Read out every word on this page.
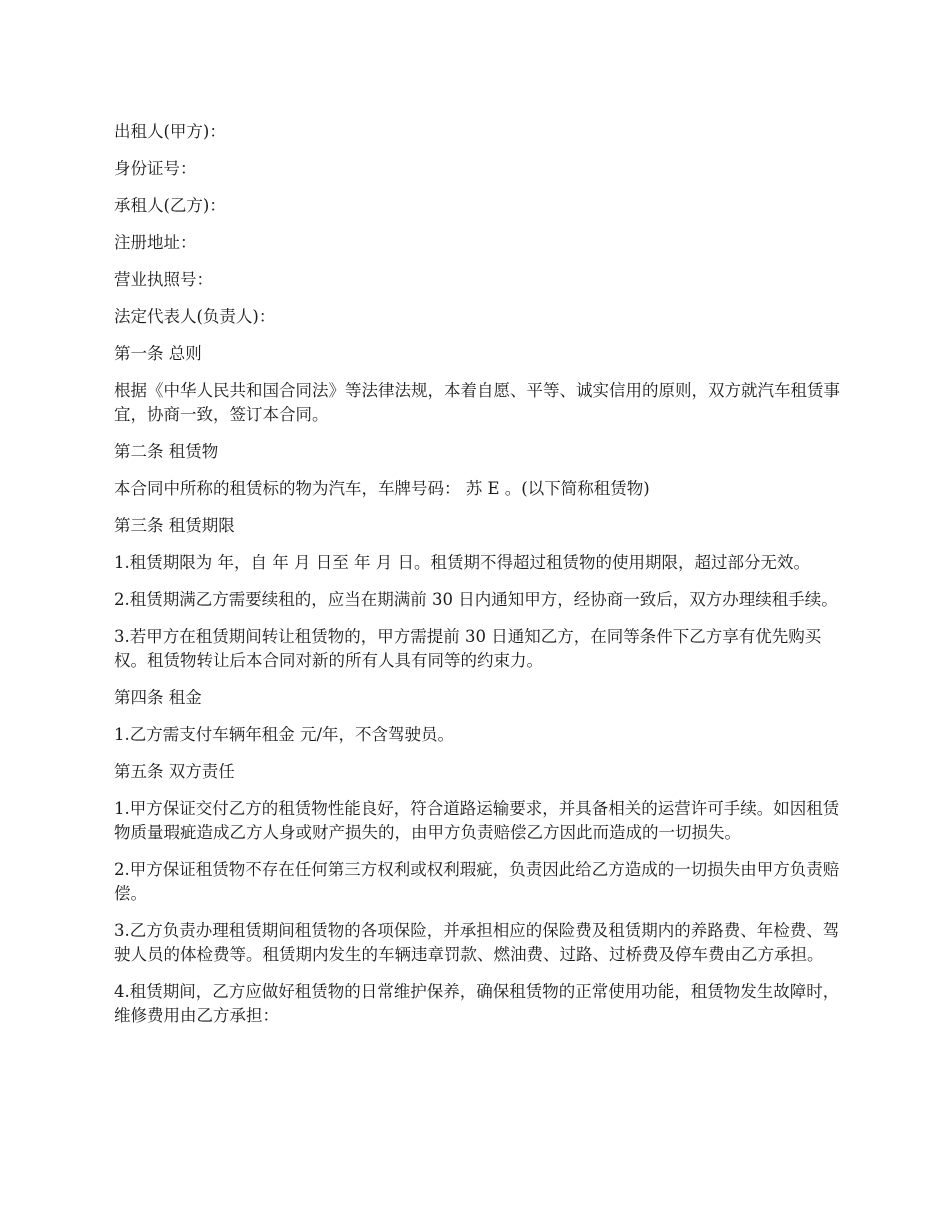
出租人(甲方)：

身份证号：

承租人(乙方)：

注册地址：

营业执照号：

法定代表人(负责人)：

第一条 总则

根据《中华人民共和国合同法》等法律法规，本着自愿、平等、诚实信用的原则，双方就汽车租赁事宜，协商一致，签订本合同。

第二条 租赁物

本合同中所称的租赁标的物为汽车，车牌号码： 苏 E 。(以下简称租赁物)

第三条 租赁期限

1.租赁期限为 年，自 年 月 日至 年 月 日。租赁期不得超过租赁物的使用期限，超过部分无效。

2.租赁期满乙方需要续租的，应当在期满前 30 日内通知甲方，经协商一致后，双方办理续租手续。

3.若甲方在租赁期间转让租赁物的，甲方需提前 30 日通知乙方，在同等条件下乙方享有优先购买权。租赁物转让后本合同对新的所有人具有同等的约束力。

第四条 租金

1.乙方需支付车辆年租金 元/年，不含驾驶员。

第五条 双方责任

1.甲方保证交付乙方的租赁物性能良好，符合道路运输要求，并具备相关的运营许可手续。如因租赁物质量瑕疵造成乙方人身或财产损失的，由甲方负责赔偿乙方因此而造成的一切损失。

2.甲方保证租赁物不存在任何第三方权利或权利瑕疵，负责因此给乙方造成的一切损失由甲方负责赔偿。

3.乙方负责办理租赁期间租赁物的各项保险，并承担相应的保险费及租赁期内的养路费、年检费、驾驶人员的体检费等。租赁期内发生的车辆违章罚款、燃油费、过路、过桥费及停车费由乙方承担。

4.租赁期间，乙方应做好租赁物的日常维护保养，确保租赁物的正常使用功能，租赁物发生故障时，维修费用由乙方承担：
